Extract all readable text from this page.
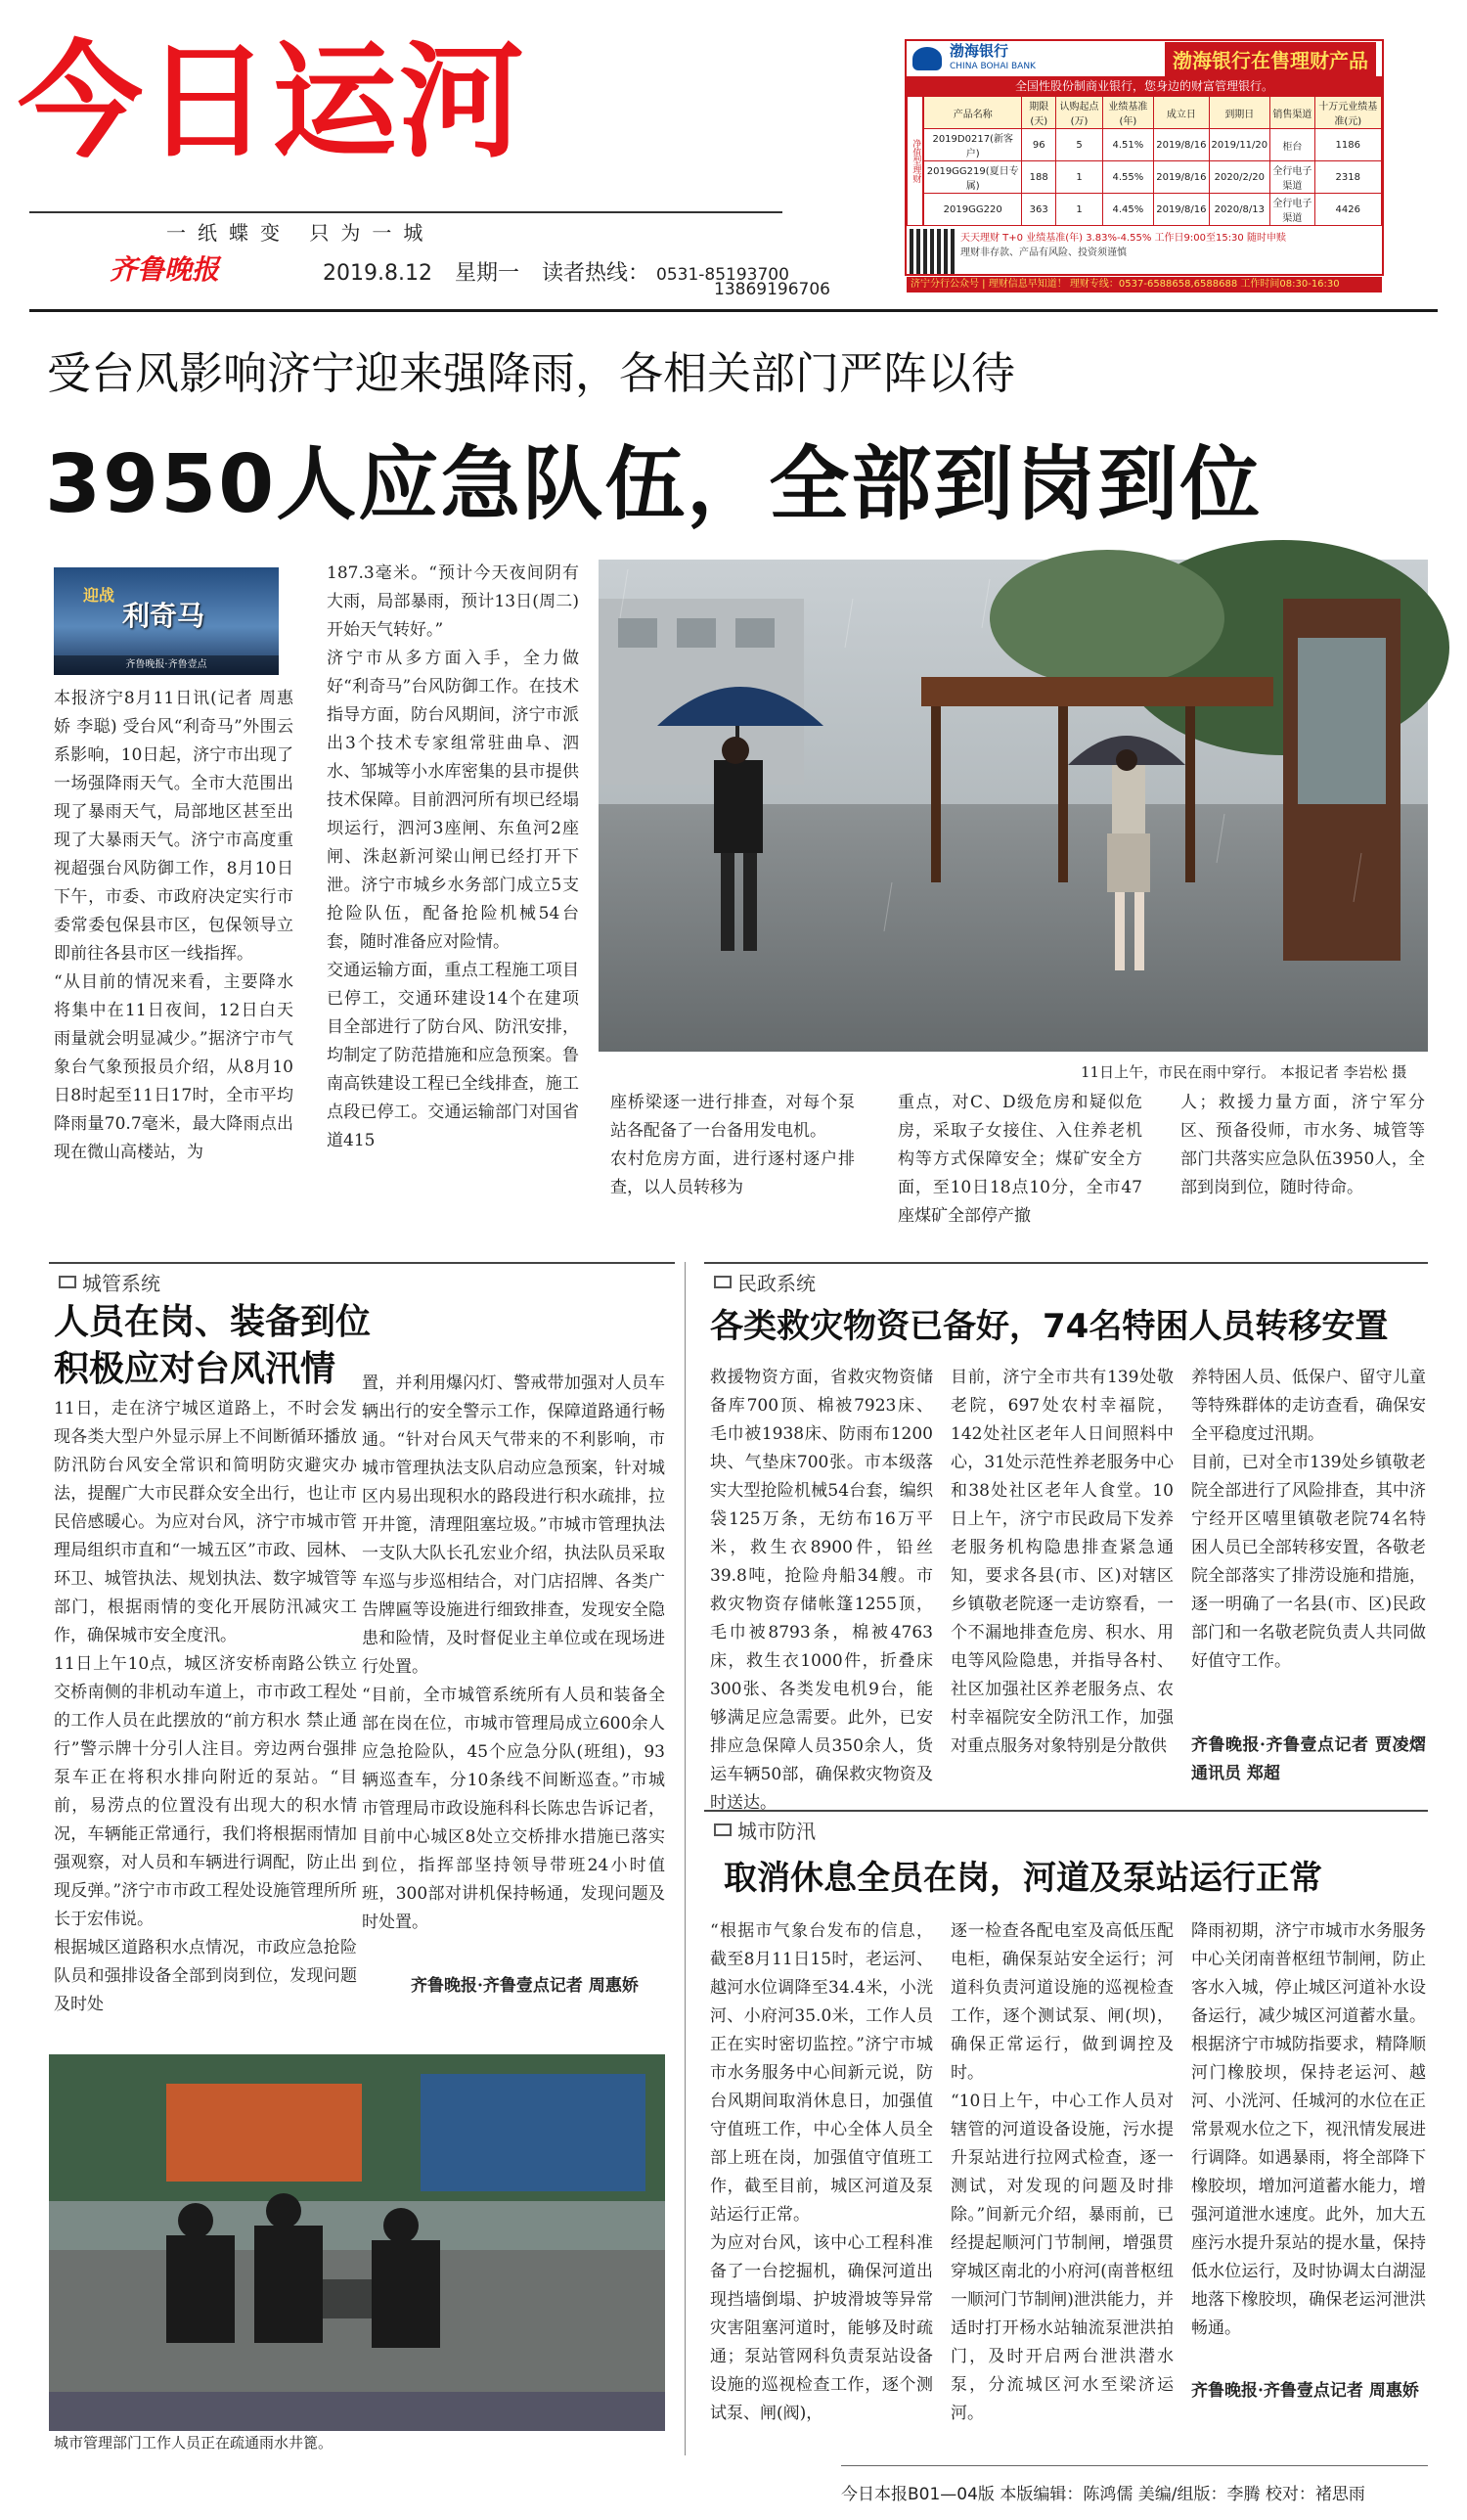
今日运河
一纸蝶变 只为一城
齐鲁晚报	2019.8.12 星期一 读者热线： 0531-85193700
13869196706
渤海银行
CHINA BOHAI BANK	渤海银行在售理财产品
全国性股份制商业银行，您身边的财富管理银行。
净值型理财
产品名称	期限(天)	认购起点(万)	业绩基准(年)	成立日	到期日	销售渠道	十万元业绩基准(元)
2019D0217(新客户)	96	5	4.51%	2019/8/16	2019/11/20	柜台	1186
2019GG219(夏日专属)	188	1	4.55%	2019/8/16	2020/2/20	全行电子渠道	2318
2019GG220	363	1	4.45%	2019/8/16	2020/8/13	全行电子渠道	4426
天天理财 T+0 业绩基准(年) 3.83%-4.55% 工作日9:00至15:30 随时申赎
理财非存款、产品有风险、投资须谨慎
济宁分行公众号 | 理财信息早知道！ 理财专线：0537-6588658,6588688 工作时间08:30-16:30
受台风影响济宁迎来强降雨，各相关部门严阵以待
3950人应急队伍，全部到岗到位
迎战
利奇马
齐鲁晚报·齐鲁壹点
本报济宁8月11日讯(记者 周惠娇 李聪) 受台风“利奇马”外围云系影响，10日起，济宁市出现了一场强降雨天气。全市大范围出现了暴雨天气，局部地区甚至出现了大暴雨天气。济宁市高度重视超强台风防御工作，8月10日下午，市委、市政府决定实行市委常委包保县市区，包保领导立即前往各县市区一线指挥。
“从目前的情况来看，主要降水将集中在11日夜间，12日白天雨量就会明显减少。”据济宁市气象台气象预报员介绍，从8月10日8时起至11日17时，全市平均降雨量70.7毫米，最大降雨点出现在微山高楼站，为
187.3毫米。“预计今天夜间阴有大雨，局部暴雨，预计13日(周二)开始天气转好。”
济宁市从多方面入手，全力做好“利奇马”台风防御工作。在技术指导方面，防台风期间，济宁市派出3个技术专家组常驻曲阜、泗水、邹城等小水库密集的县市提供技术保障。目前泗河所有坝已经塌坝运行，泗河3座闸、东鱼河2座闸、洙赵新河梁山闸已经打开下泄。济宁市城乡水务部门成立5支抢险队伍，配备抢险机械54台套，随时准备应对险情。
交通运输方面，重点工程施工项目已停工，交通环建设14个在建项目全部进行了防台风、防汛安排，均制定了防范措施和应急预案。鲁南高铁建设工程已全线排查，施工点段已停工。交通运输部门对国省道415
11日上午，市民在雨中穿行。 本报记者 李岩松 摄
座桥梁逐一进行排查，对每个泵站各配备了一台备用发电机。
农村危房方面，进行逐村逐户排查，以人员转移为
重点，对C、D级危房和疑似危房，采取子女接住、入住养老机构等方式保障安全；煤矿安全方面，至10日18点10分，全市47座煤矿全部停产撤
人；救援力量方面，济宁军分区、预备役师，市水务、城管等部门共落实应急队伍3950人，全部到岗到位，随时待命。
城管系统
人员在岗、装备到位
积极应对台风汛情
11日，走在济宁城区道路上，不时会发现各类大型户外显示屏上不间断循环播放防汛防台风安全常识和简明防灾避灾办法，提醒广大市民群众安全出行，也让市民倍感暖心。为应对台风，济宁市城市管理局组织市直和“一城五区”市政、园林、环卫、城管执法、规划执法、数字城管等部门，根据雨情的变化开展防汛减灾工作，确保城市安全度汛。
11日上午10点，城区济安桥南路公铁立交桥南侧的非机动车道上，市市政工程处的工作人员在此摆放的“前方积水 禁止通行”警示牌十分引人注目。旁边两台强排泵车正在将积水排向附近的泵站。“目前，易涝点的位置没有出现大的积水情况，车辆能正常通行，我们将根据雨情加强观察，对人员和车辆进行调配，防止出现反弹。”济宁市市政工程处设施管理所所长于宏伟说。
根据城区道路积水点情况，市政应急抢险队员和强排设备全部到岗到位，发现问题及时处
置，并利用爆闪灯、警戒带加强对人员车辆出行的安全警示工作，保障道路通行畅通。“针对台风天气带来的不利影响，市城市管理执法支队启动应急预案，针对城区内易出现积水的路段进行积水疏排，拉开井篦，清理阻塞垃圾。”市城市管理执法一支队大队长孔宏业介绍，执法队员采取车巡与步巡相结合，对门店招牌、各类广告牌匾等设施进行细致排查，发现安全隐患和险情，及时督促业主单位或在现场进行处置。
“目前，全市城管系统所有人员和装备全部在岗在位，市城市管理局成立600余人应急抢险队，45个应急分队(班组)，93辆巡查车，分10条线不间断巡查。”市城市管理局市政设施科科长陈忠告诉记者，目前中心城区8处立交桥排水措施已落实到位，指挥部坚持领导带班24小时值班，300部对讲机保持畅通，发现问题及时处置。
齐鲁晚报·齐鲁壹点记者 周惠娇
城市管理部门工作人员正在疏通雨水井篦。
民政系统
各类救灾物资已备好，74名特困人员转移安置
救援物资方面，省救灾物资储备库700顶、棉被7923床、毛巾被1938床、防雨布1200块、气垫床700张。市本级落实大型抢险机械54台套，编织袋125万条，无纺布16万平米，救生衣8900件，铅丝39.8吨，抢险舟船34艘。市救灾物资存储帐篷1255顶，毛巾被8793条，棉被4763床，救生衣1000件，折叠床300张、各类发电机9台，能够满足应急需要。此外，已安排应急保障人员350余人，货运车辆50部，确保救灾物资及时送达。
目前，济宁全市共有139处敬老院，697处农村幸福院，142处社区老年人日间照料中心，31处示范性养老服务中心和38处社区老年人食堂。10日上午，济宁市民政局下发养老服务机构隐患排查紧急通知，要求各县(市、区)对辖区乡镇敬老院逐一走访察看，一个不漏地排查危房、积水、用电等风险隐患，并指导各村、社区加强社区养老服务点、农村幸福院安全防汛工作，加强对重点服务对象特别是分散供
养特困人员、低保户、留守儿童等特殊群体的走访查看，确保安全平稳度过汛期。
目前，已对全市139处乡镇敬老院全部进行了风险排查，其中济宁经开区嘻里镇敬老院74名特困人员已全部转移安置，各敬老院全部落实了排涝设施和措施，逐一明确了一名县(市、区)民政部门和一名敬老院负责人共同做好值守工作。
齐鲁晚报·齐鲁壹点记者 贾凌熠 通讯员 郑超
城市防汛
取消休息全员在岗，河道及泵站运行正常
“根据市气象台发布的信息，截至8月11日15时，老运河、越河水位调降至34.4米，小洸河、小府河35.0米，工作人员正在实时密切监控。”济宁市城市水务服务中心间新元说，防台风期间取消休息日，加强值守值班工作，中心全体人员全部上班在岗，加强值守值班工作，截至目前，城区河道及泵站运行正常。
为应对台风，该中心工程科准备了一台挖掘机，确保河道出现挡墙倒塌、护坡滑坡等异常灾害阻塞河道时，能够及时疏通；泵站管网科负责泵站设备设施的巡视检查工作，逐个测试泵、闸(阀)，
逐一检查各配电室及高低压配电柜，确保泵站安全运行；河道科负责河道设施的巡视检查工作，逐个测试泵、闸(坝)，确保正常运行，做到调控及时。
“10日上午，中心工作人员对辖管的河道设备设施，污水提升泵站进行拉网式检查，逐一测试，对发现的问题及时排除。”间新元介绍，暴雨前，已经提起顺河门节制闸，增强贯穿城区南北的小府河(南普枢纽一顺河门节制闸)泄洪能力，并适时打开杨水站轴流泵泄洪拍门，及时开启两台泄洪潜水泵，分流城区河水至梁济运河。
降雨初期，济宁市城市水务服务中心关闭南普枢纽节制闸，防止客水入城，停止城区河道补水设备运行，减少城区河道蓄水量。根据济宁市城防指要求，精降顺河门橡胶坝，保持老运河、越河、小洸河、任城河的水位在正常景观水位之下，视汛情发展进行调降。如遇暴雨，将全部降下橡胶坝，增加河道蓄水能力，增强河道泄水速度。此外，加大五座污水提升泵站的提水量，保持低水位运行，及时协调太白湖湿地落下橡胶坝，确保老运河泄洪畅通。
齐鲁晚报·齐鲁壹点记者 周惠娇
今日本报B01—04版 本版编辑：陈鸿儒 美编/组版：李腾 校对：褚思雨
